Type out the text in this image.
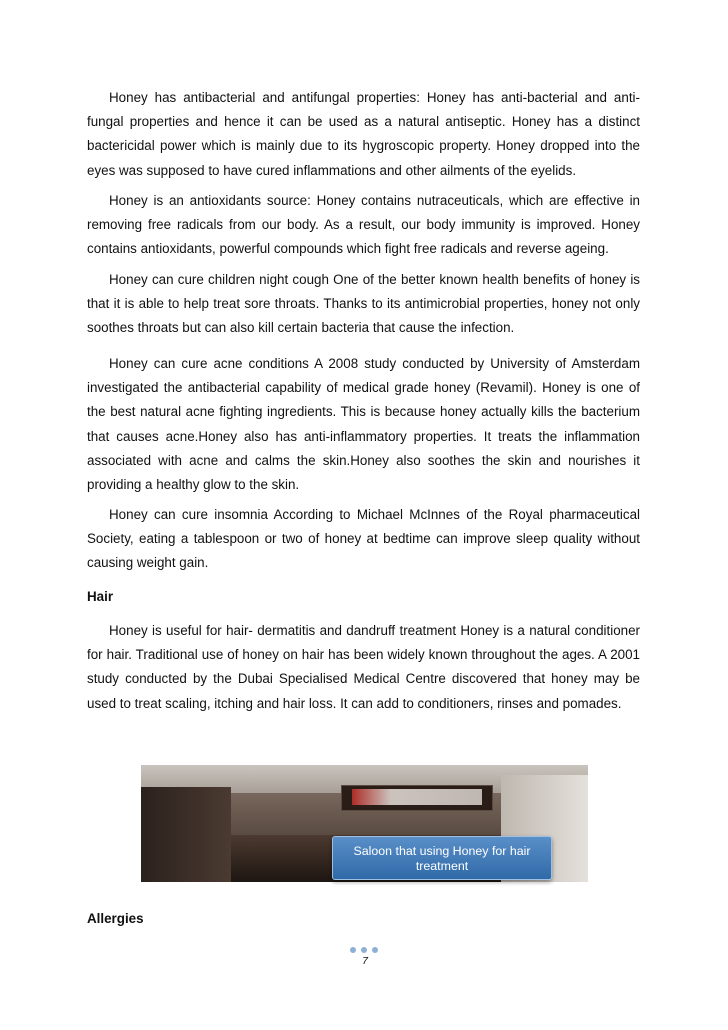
Honey has antibacterial and antifungal properties: Honey has anti-bacterial and anti-fungal properties and hence it can be used as a natural antiseptic. Honey has a distinct bactericidal power which is mainly due to its hygroscopic property. Honey dropped into the eyes was supposed to have cured inflammations and other ailments of the eyelids.

Honey is an antioxidants source: Honey contains nutraceuticals, which are effective in removing free radicals from our body. As a result, our body immunity is improved. Honey contains antioxidants, powerful compounds which fight free radicals and reverse ageing.

Honey can cure children night cough One of the better known health benefits of honey is that it is able to help treat sore throats. Thanks to its antimicrobial properties, honey not only soothes throats but can also kill certain bacteria that cause the infection.

Honey can cure acne conditions A 2008 study conducted by University of Amsterdam investigated the antibacterial capability of medical grade honey (Revamil). Honey is one of the best natural acne fighting ingredients. This is because honey actually kills the bacterium that causes acne.Honey also has anti-inflammatory properties. It treats the inflammation associated with acne and calms the skin.Honey also soothes the skin and nourishes it providing a healthy glow to the skin.

Honey can cure insomnia According to Michael McInnes of the Royal pharmaceutical Society, eating a tablespoon or two of honey at bedtime can improve sleep quality without causing weight gain.

Hair

Honey is useful for hair- dermatitis and dandruff treatment Honey is a natural conditioner for hair. Traditional use of honey on hair has been widely known throughout the ages. A 2001 study conducted by the Dubai Specialised Medical Centre discovered that honey may be used to treat scaling, itching and hair loss. It can add to conditioners, rinses and pomades.

Saloon that using Honey for hair treatment

Allergies

7
